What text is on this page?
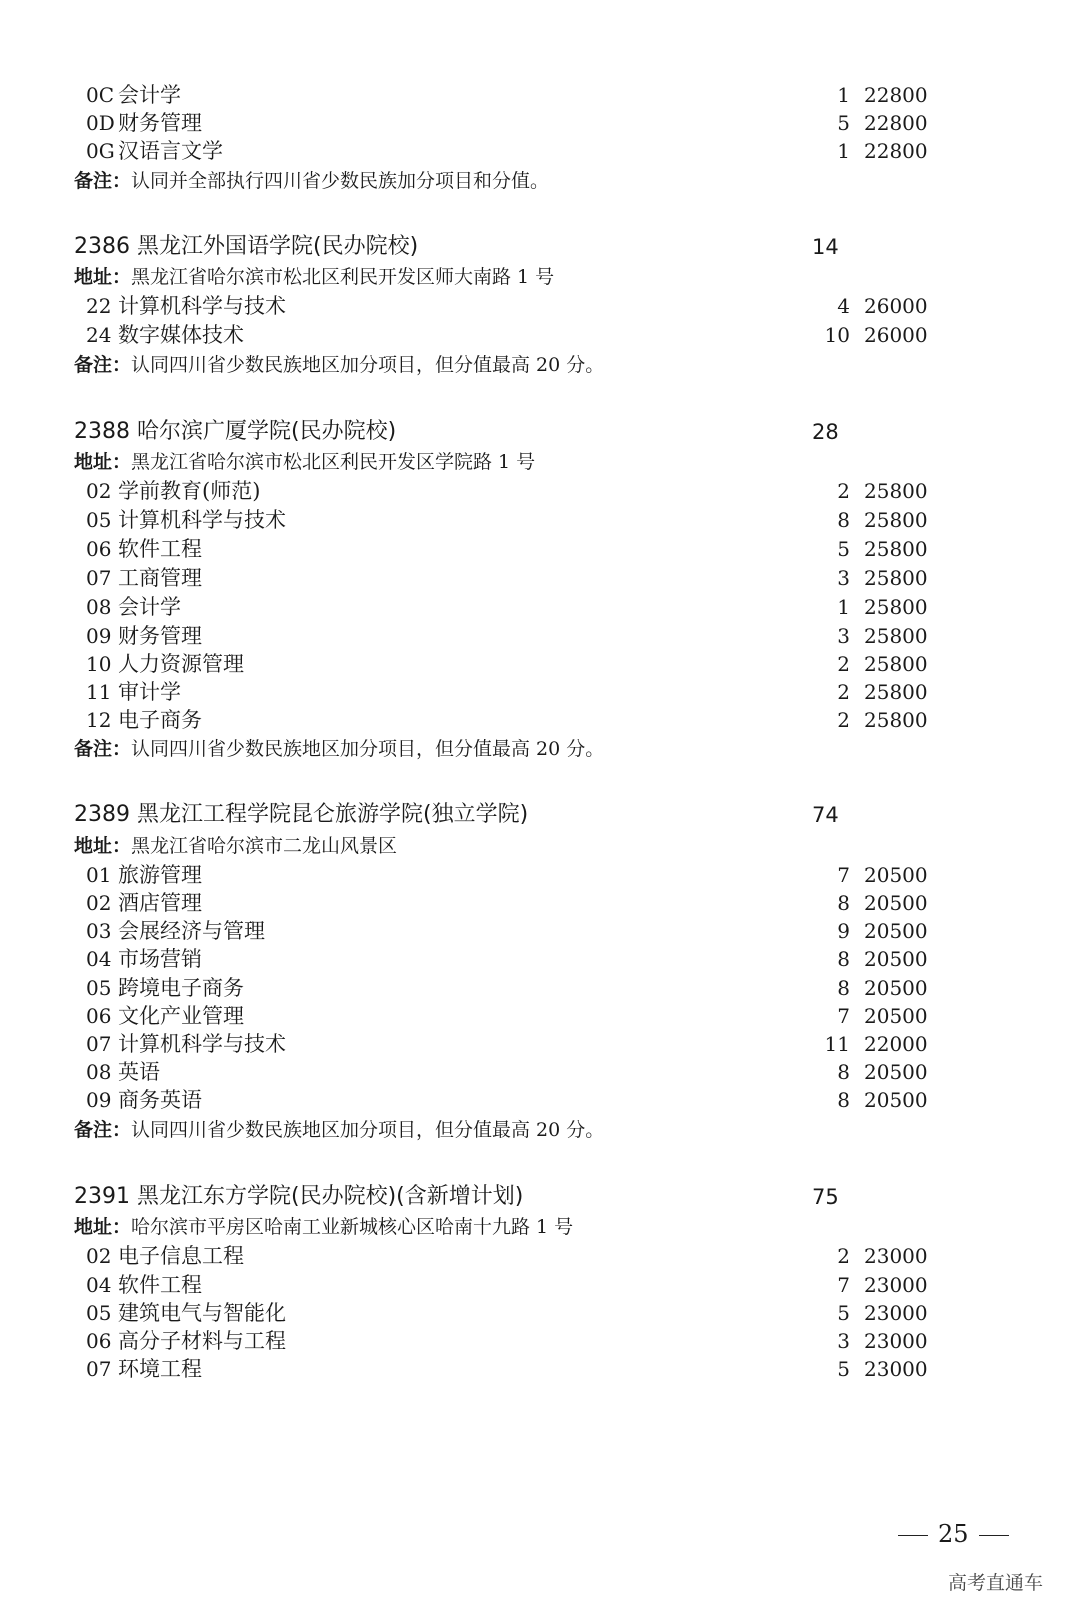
0C 会计学	1 22800
0D 财务管理	5 22800
0G 汉语言文学	1 22800
备注：认同并全部执行四川省少数民族加分项目和分值。
2386 黑龙江外国语学院(民办院校)	14
地址：黑龙江省哈尔滨市松北区利民开发区师大南路 1 号
22 计算机科学与技术	4 26000
24 数字媒体技术	10 26000
备注：认同四川省少数民族地区加分项目，但分值最高 20 分。
2388 哈尔滨广厦学院(民办院校)	28
地址：黑龙江省哈尔滨市松北区利民开发区学院路 1 号
02 学前教育(师范)	2 25800
05 计算机科学与技术	8 25800
06 软件工程	5 25800
07 工商管理	3 25800
08 会计学	1 25800
09 财务管理	3 25800
10 人力资源管理	2 25800
11 审计学	2 25800
12 电子商务	2 25800
备注：认同四川省少数民族地区加分项目，但分值最高 20 分。
2389 黑龙江工程学院昆仑旅游学院(独立学院)	74
地址：黑龙江省哈尔滨市二龙山风景区
01 旅游管理	7 20500
02 酒店管理	8 20500
03 会展经济与管理	9 20500
04 市场营销	8 20500
05 跨境电子商务	8 20500
06 文化产业管理	7 20500
07 计算机科学与技术	11 22000
08 英语	8 20500
09 商务英语	8 20500
备注：认同四川省少数民族地区加分项目，但分值最高 20 分。
2391 黑龙江东方学院(民办院校)(含新增计划)	75
地址：哈尔滨市平房区哈南工业新城核心区哈南十九路 1 号
02 电子信息工程	2 23000
04 软件工程	7 23000
05 建筑电气与智能化	5 23000
06 高分子材料与工程	3 23000
07 环境工程	5 23000
25
高考直通车
